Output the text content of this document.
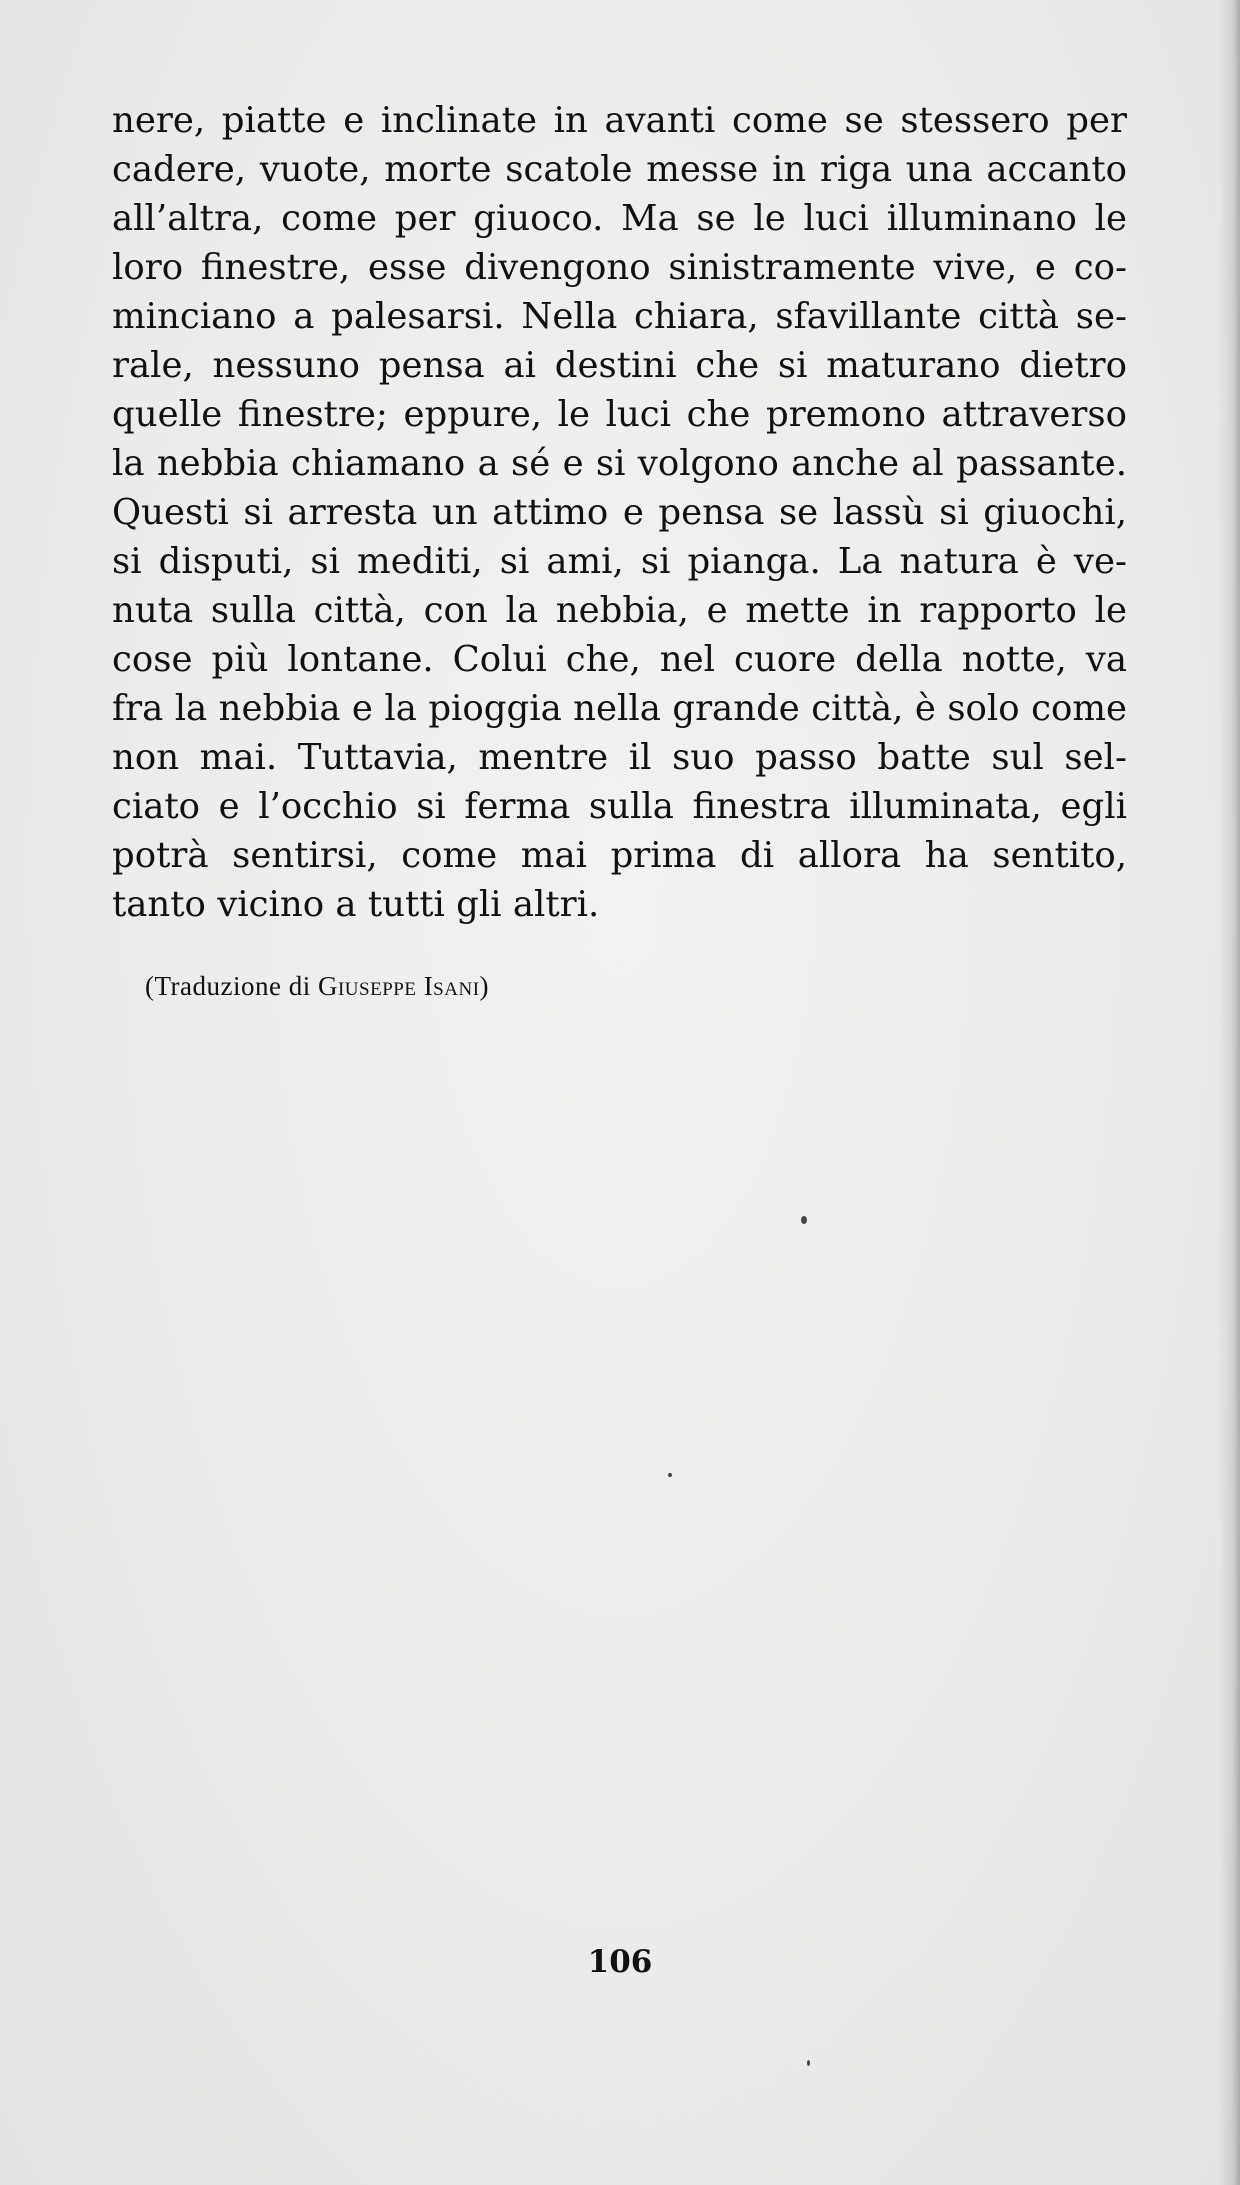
nere, piatte e inclinate in avanti come se stessero per
cadere, vuote, morte scatole messe in riga una accanto
all’altra, come per giuoco. Ma se le luci illuminano le
loro finestre, esse divengono sinistramente vive, e co-
minciano a palesarsi. Nella chiara, sfavillante città se-
rale, nessuno pensa ai destini che si maturano dietro
quelle finestre; eppure, le luci che premono attraverso
la nebbia chiamano a sé e si volgono anche al passante.
Questi si arresta un attimo e pensa se lassù si giuochi,
si disputi, si mediti, si ami, si pianga. La natura è ve-
nuta sulla città, con la nebbia, e mette in rapporto le
cose più lontane. Colui che, nel cuore della notte, va
fra la nebbia e la pioggia nella grande città, è solo come
non mai. Tuttavia, mentre il suo passo batte sul sel-
ciato e l’occhio si ferma sulla finestra illuminata, egli
potrà sentirsi, come mai prima di allora ha sentito,
tanto vicino a tutti gli altri.

(Traduzione di Giuseppe Isani)

106
